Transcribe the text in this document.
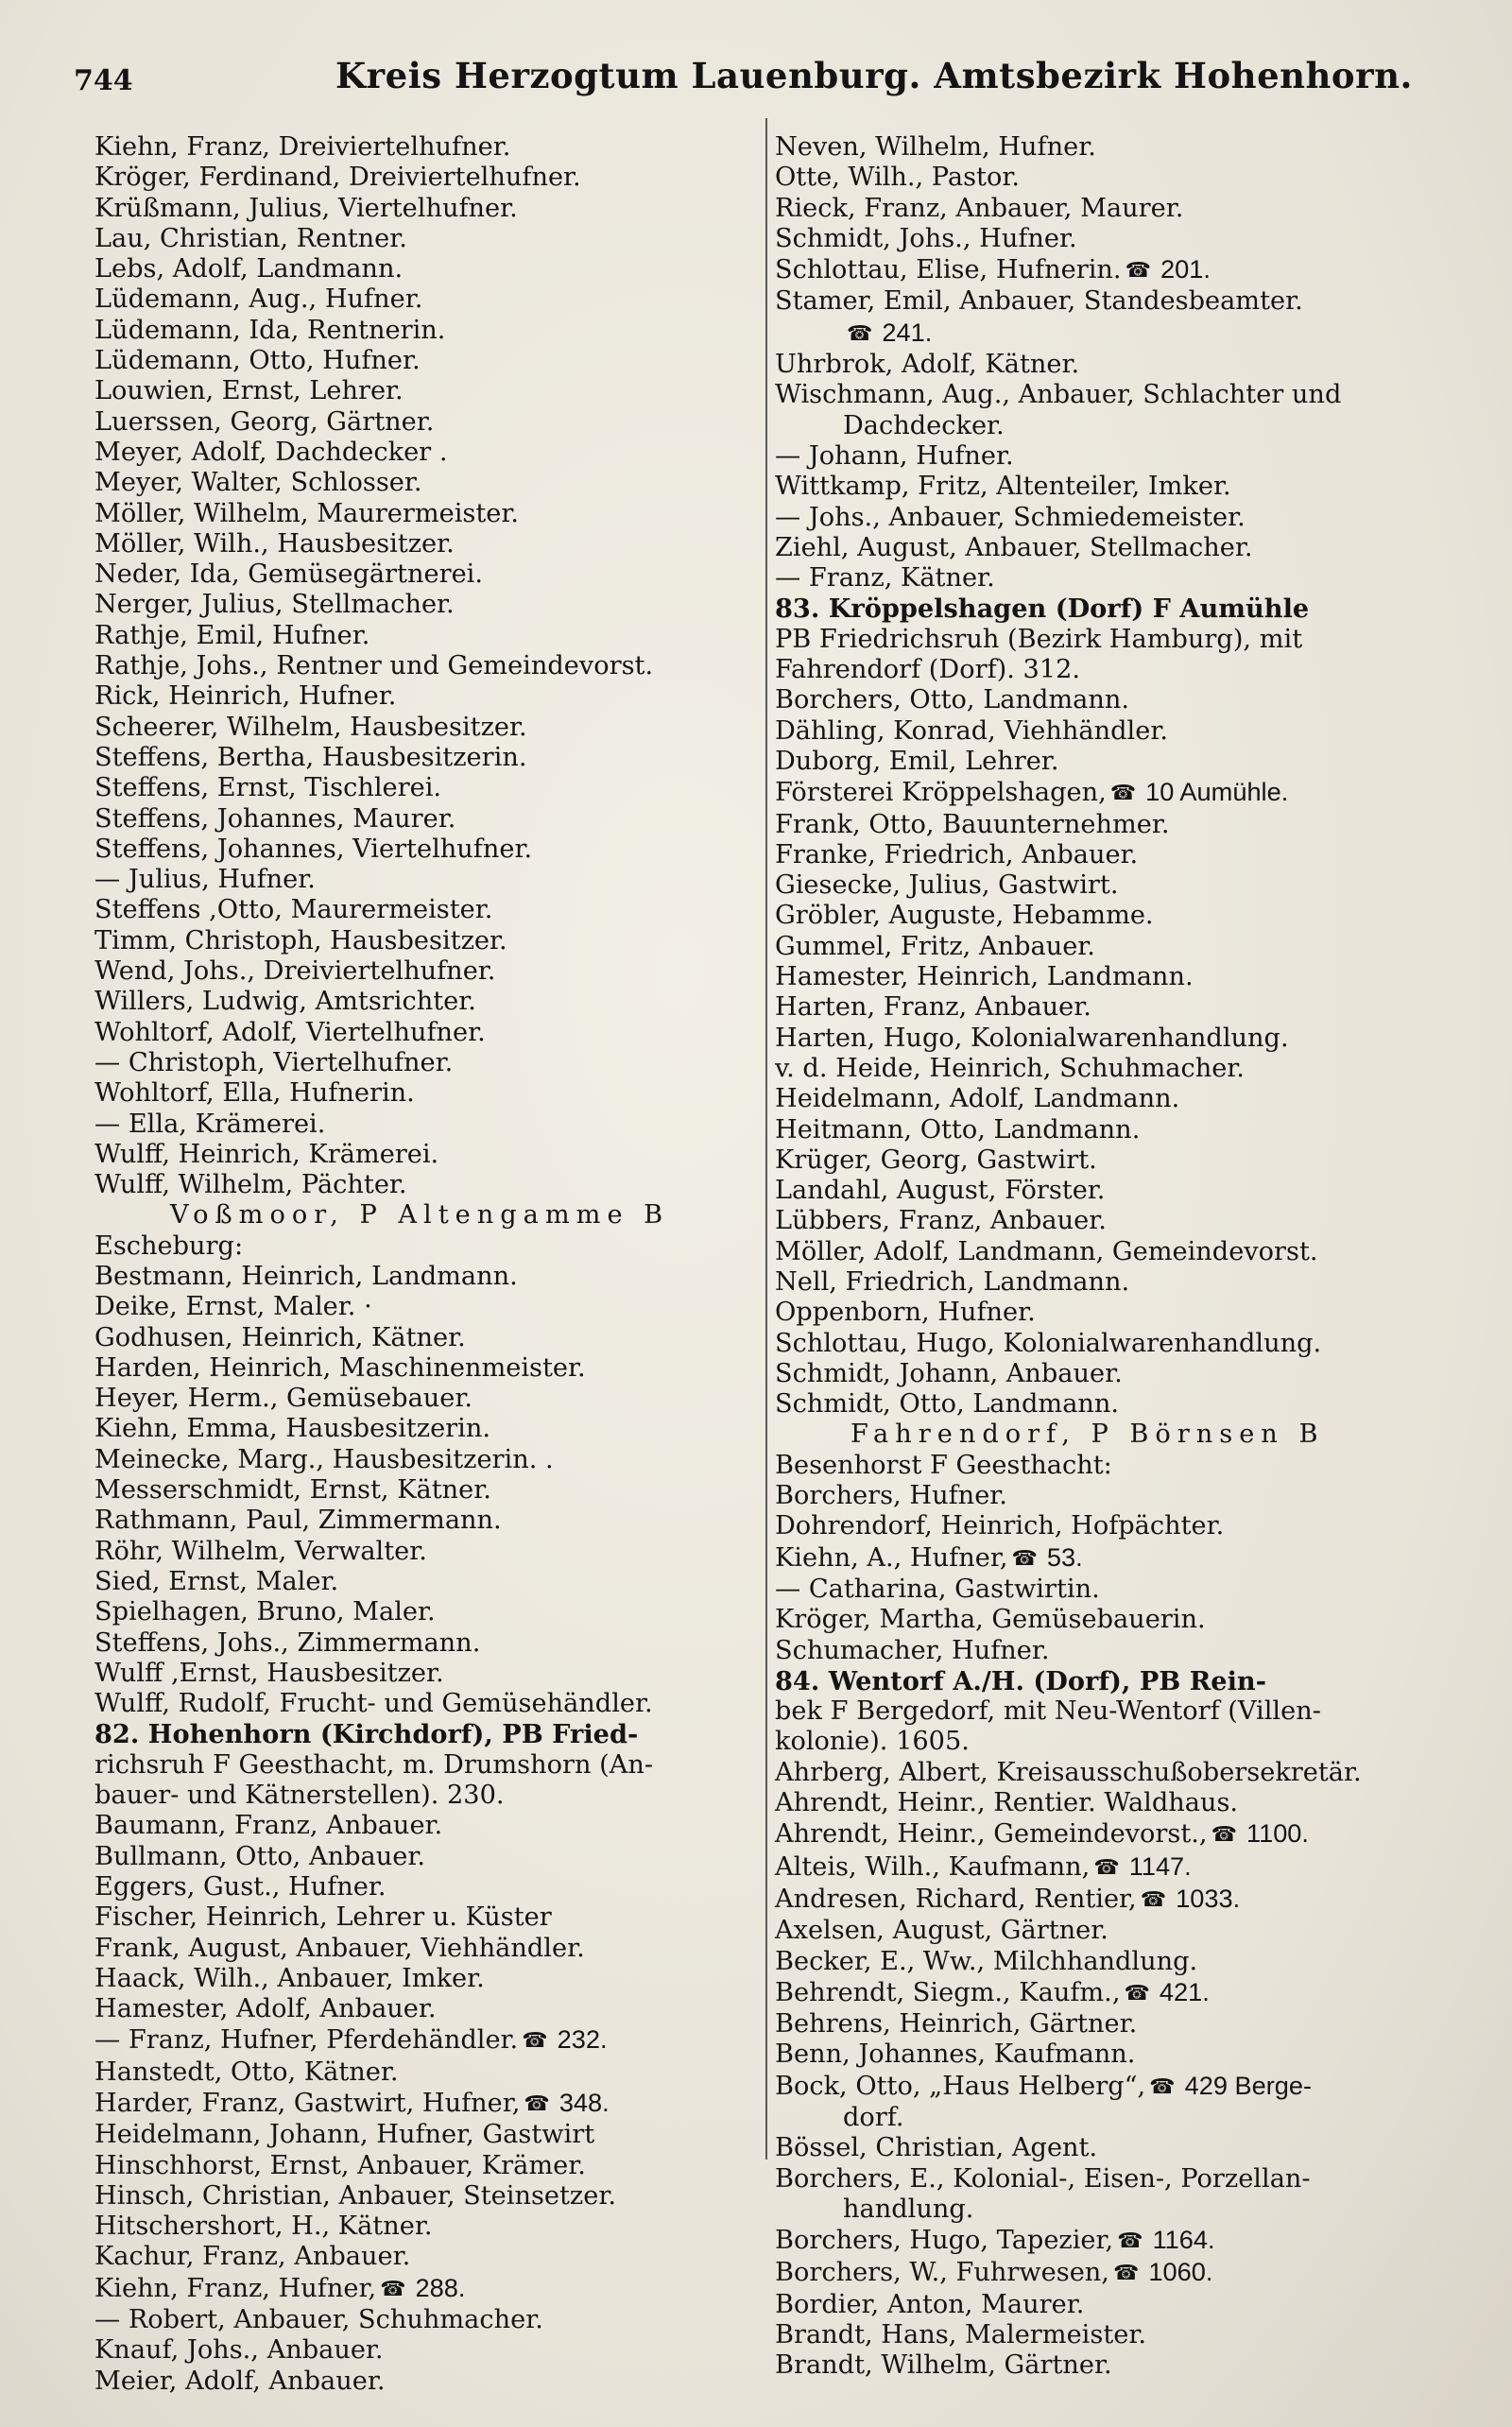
744	Kreis Herzogtum Lauenburg. Amtsbezirk Hohenhorn.
Kiehn, Franz, Dreiviertelhufner.
Kröger, Ferdinand, Dreiviertelhufner.
Krüßmann, Julius, Viertelhufner.
Lau, Christian, Rentner.
Lebs, Adolf, Landmann.
Lüdemann, Aug., Hufner.
Lüdemann, Ida, Rentnerin.
Lüdemann, Otto, Hufner.
Louwien, Ernst, Lehrer.
Luerssen, Georg, Gärtner.
Meyer, Adolf, Dachdecker .
Meyer, Walter, Schlosser.
Möller, Wilhelm, Maurermeister.
Möller, Wilh., Hausbesitzer.
Neder, Ida, Gemüsegärtnerei.
Nerger, Julius, Stellmacher.
Rathje, Emil, Hufner.
Rathje, Johs., Rentner und Gemeindevorst.
Rick, Heinrich, Hufner.
Scheerer, Wilhelm, Hausbesitzer.
Steffens, Bertha, Hausbesitzerin.
Steffens, Ernst, Tischlerei.
Steffens, Johannes, Maurer.
Steffens, Johannes, Viertelhufner.
— Julius, Hufner.
Steffens ,Otto, Maurermeister.
Timm, Christoph, Hausbesitzer.
Wend, Johs., Dreiviertelhufner.
Willers, Ludwig, Amtsrichter.
Wohltorf, Adolf, Viertelhufner.
— Christoph, Viertelhufner.
Wohltorf, Ella, Hufnerin.
— Ella, Krämerei.
Wulff, Heinrich, Krämerei.
Wulff, Wilhelm, Pächter.
Voßmoor, P Altengamme B
Escheburg:
Bestmann, Heinrich, Landmann.
Deike, Ernst, Maler. ·
Godhusen, Heinrich, Kätner.
Harden, Heinrich, Maschinenmeister.
Heyer, Herm., Gemüsebauer.
Kiehn, Emma, Hausbesitzerin.
Meinecke, Marg., Hausbesitzerin. .
Messerschmidt, Ernst, Kätner.
Rathmann, Paul, Zimmermann.
Röhr, Wilhelm, Verwalter.
Sied, Ernst, Maler.
Spielhagen, Bruno, Maler.
Steffens, Johs., Zimmermann.
Wulff ,Ernst, Hausbesitzer.
Wulff, Rudolf, Frucht- und Gemüsehändler.
82. Hohenhorn (Kirchdorf), PB Fried-
richsruh F Geesthacht, m. Drumshorn (An-
bauer- und Kätnerstellen). 230.
Baumann, Franz, Anbauer.
Bullmann, Otto, Anbauer.
Eggers, Gust., Hufner.
Fischer, Heinrich, Lehrer u. Küster
Frank, August, Anbauer, Viehhändler.
Haack, Wilh., Anbauer, Imker.
Hamester, Adolf, Anbauer.
— Franz, Hufner, Pferdehändler. ☎ 232.
Hanstedt, Otto, Kätner.
Harder, Franz, Gastwirt, Hufner, ☎ 348.
Heidelmann, Johann, Hufner, Gastwirt
Hinschhorst, Ernst, Anbauer, Krämer.
Hinsch, Christian, Anbauer, Steinsetzer.
Hitschershort, H., Kätner.
Kachur, Franz, Anbauer.
Kiehn, Franz, Hufner, ☎ 288.
— Robert, Anbauer, Schuhmacher.
Knauf, Johs., Anbauer.
Meier, Adolf, Anbauer.
Neven, Wilhelm, Hufner.
Otte, Wilh., Pastor.
Rieck, Franz, Anbauer, Maurer.
Schmidt, Johs., Hufner.
Schlottau, Elise, Hufnerin. ☎ 201.
Stamer, Emil, Anbauer, Standesbeamter.
☎ 241.
Uhrbrok, Adolf, Kätner.
Wischmann, Aug., Anbauer, Schlachter und
Dachdecker.
— Johann, Hufner.
Wittkamp, Fritz, Altenteiler, Imker.
— Johs., Anbauer, Schmiedemeister.
Ziehl, August, Anbauer, Stellmacher.
— Franz, Kätner.
83. Kröppelshagen (Dorf) F Aumühle
PB Friedrichsruh (Bezirk Hamburg), mit
Fahrendorf (Dorf). 312.
Borchers, Otto, Landmann.
Dähling, Konrad, Viehhändler.
Duborg, Emil, Lehrer.
Försterei Kröppelshagen, ☎ 10 Aumühle.
Frank, Otto, Bauunternehmer.
Franke, Friedrich, Anbauer.
Giesecke, Julius, Gastwirt.
Gröbler, Auguste, Hebamme.
Gummel, Fritz, Anbauer.
Hamester, Heinrich, Landmann.
Harten, Franz, Anbauer.
Harten, Hugo, Kolonialwarenhandlung.
v. d. Heide, Heinrich, Schuhmacher.
Heidelmann, Adolf, Landmann.
Heitmann, Otto, Landmann.
Krüger, Georg, Gastwirt.
Landahl, August, Förster.
Lübbers, Franz, Anbauer.
Möller, Adolf, Landmann, Gemeindevorst.
Nell, Friedrich, Landmann.
Oppenborn, Hufner.
Schlottau, Hugo, Kolonialwarenhandlung.
Schmidt, Johann, Anbauer.
Schmidt, Otto, Landmann.
Fahrendorf, P Börnsen B
Besenhorst F Geesthacht:
Borchers, Hufner.
Dohrendorf, Heinrich, Hofpächter.
Kiehn, A., Hufner, ☎ 53.
— Catharina, Gastwirtin.
Kröger, Martha, Gemüsebauerin.
Schumacher, Hufner.
84. Wentorf A./H. (Dorf), PB Rein-
bek F Bergedorf, mit Neu-Wentorf (Villen-
kolonie). 1605.
Ahrberg, Albert, Kreisausschußobersekretär.
Ahrendt, Heinr., Rentier. Waldhaus.
Ahrendt, Heinr., Gemeindevorst., ☎ 1100.
Alteis, Wilh., Kaufmann, ☎ 1147.
Andresen, Richard, Rentier, ☎ 1033.
Axelsen, August, Gärtner.
Becker, E., Ww., Milchhandlung.
Behrendt, Siegm., Kaufm., ☎ 421.
Behrens, Heinrich, Gärtner.
Benn, Johannes, Kaufmann.
Bock, Otto, „Haus Helberg“, ☎ 429 Berge-
dorf.
Bössel, Christian, Agent.
Borchers, E., Kolonial-, Eisen-, Porzellan-
handlung.
Borchers, Hugo, Tapezier, ☎ 1164.
Borchers, W., Fuhrwesen, ☎ 1060.
Bordier, Anton, Maurer.
Brandt, Hans, Malermeister.
Brandt, Wilhelm, Gärtner.
